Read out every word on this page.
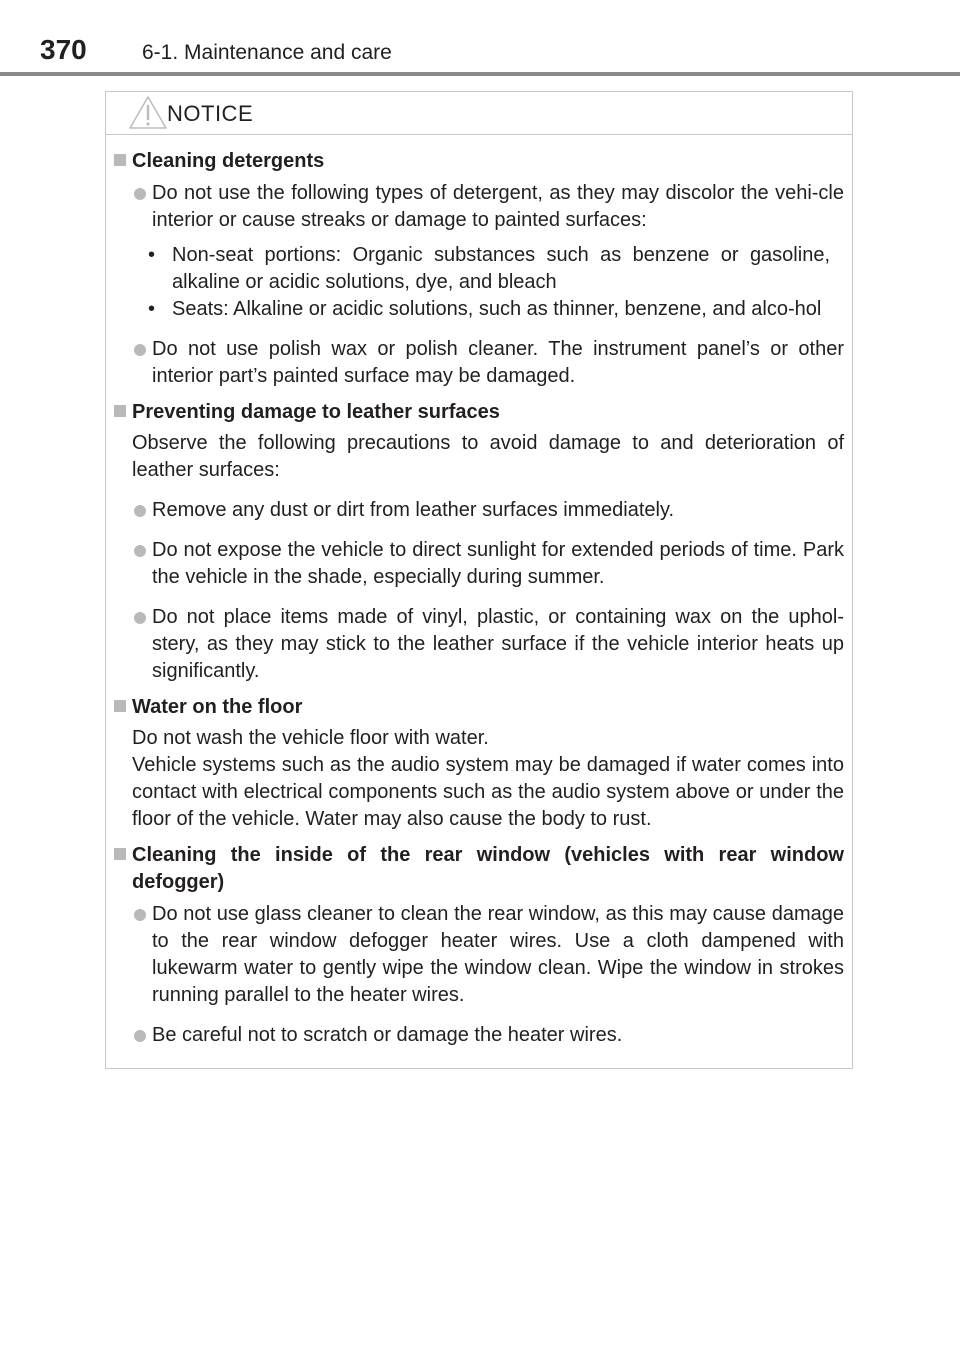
370	6-1. Maintenance and care
NOTICE
Cleaning detergents
Do not use the following types of detergent, as they may discolor the vehi-cle interior or cause streaks or damage to painted surfaces:
• Non-seat portions: Organic substances such as benzene or gasoline, alkaline or acidic solutions, dye, and bleach
• Seats: Alkaline or acidic solutions, such as thinner, benzene, and alco-hol
Do not use polish wax or polish cleaner. The instrument panel’s or other interior part’s painted surface may be damaged.
Preventing damage to leather surfaces
Observe the following precautions to avoid damage to and deterioration of leather surfaces:
Remove any dust or dirt from leather surfaces immediately.
Do not expose the vehicle to direct sunlight for extended periods of time. Park the vehicle in the shade, especially during summer.
Do not place items made of vinyl, plastic, or containing wax on the uphol-stery, as they may stick to the leather surface if the vehicle interior heats up significantly.
Water on the floor
Do not wash the vehicle floor with water.
Vehicle systems such as the audio system may be damaged if water comes into contact with electrical components such as the audio system above or under the floor of the vehicle. Water may also cause the body to rust.
Cleaning the inside of the rear window (vehicles with rear window defogger)
Do not use glass cleaner to clean the rear window, as this may cause damage to the rear window defogger heater wires. Use a cloth dampened with lukewarm water to gently wipe the window clean. Wipe the window in strokes running parallel to the heater wires.
Be careful not to scratch or damage the heater wires.
